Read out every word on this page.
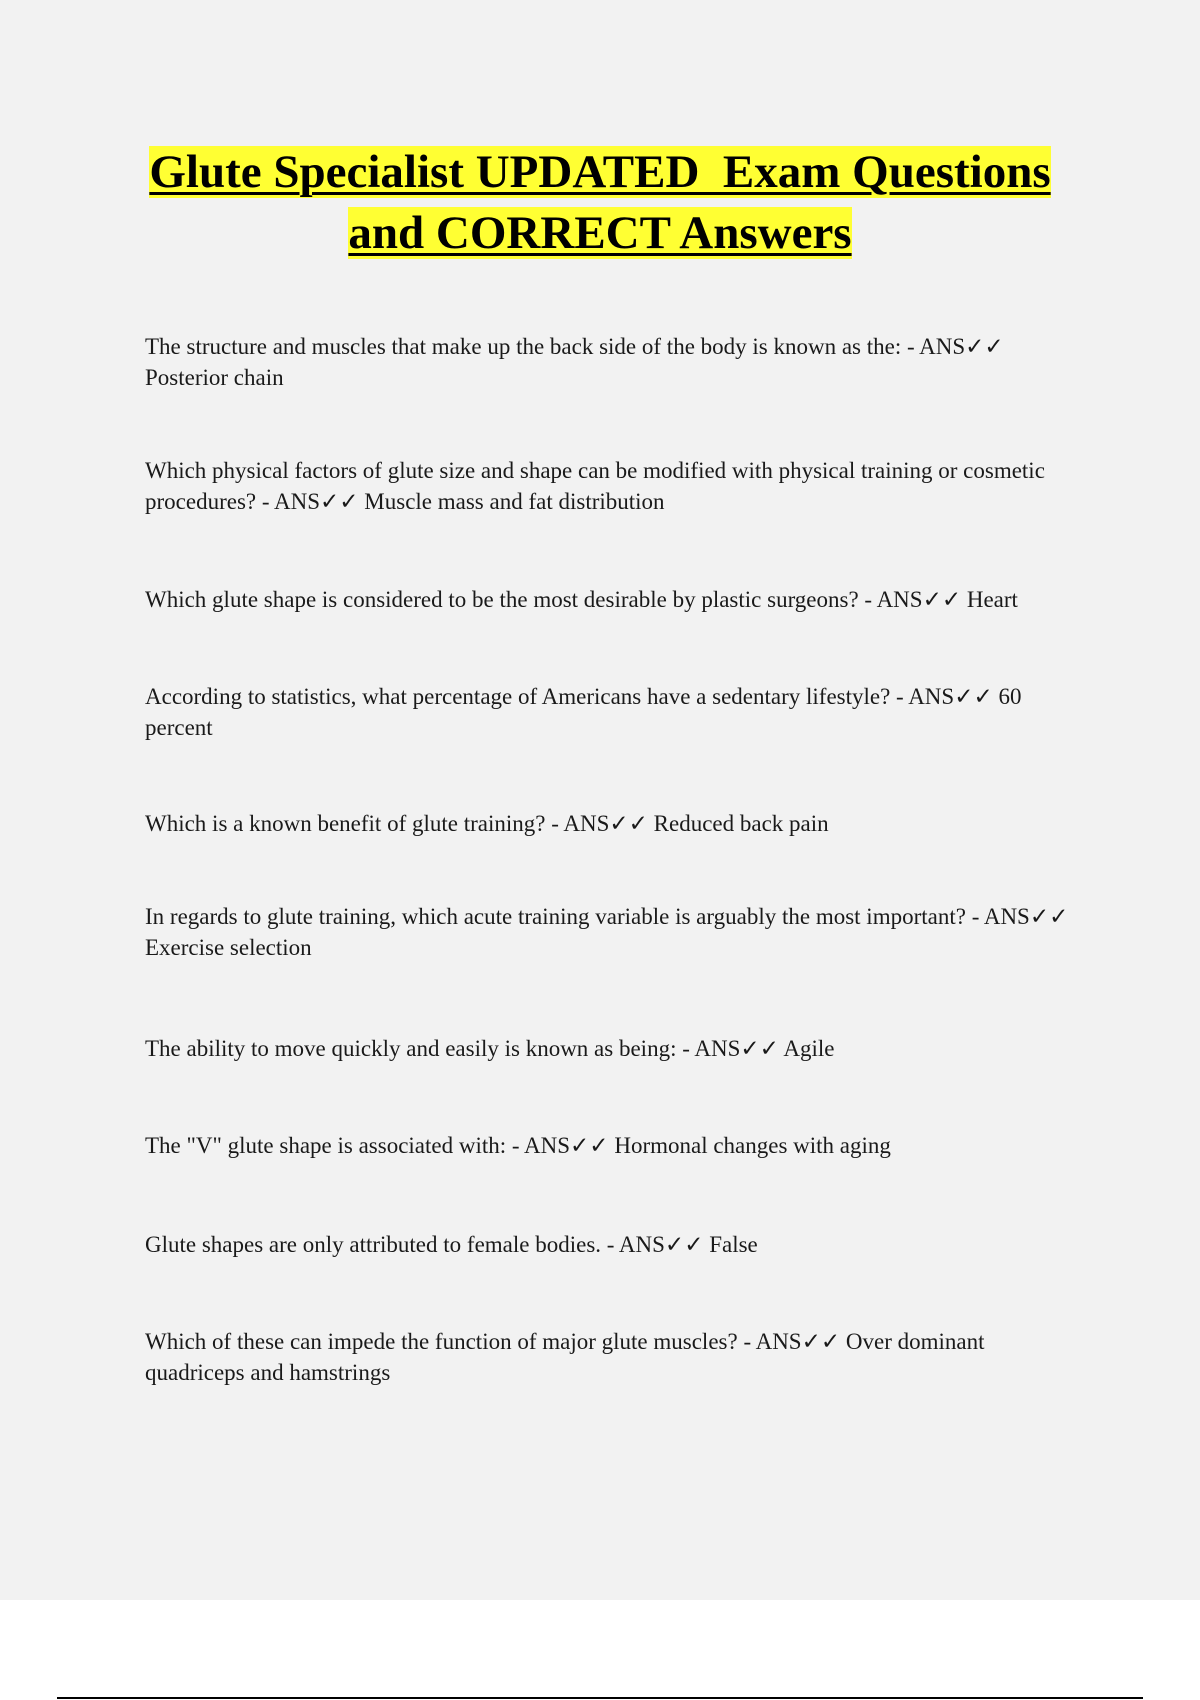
Glute Specialist UPDATED  Exam Questions
and CORRECT Answers

The structure and muscles that make up the back side of the body is known as the: - ANS✓✓ Posterior chain

Which physical factors of glute size and shape can be modified with physical training or cosmetic procedures? - ANS✓✓ Muscle mass and fat distribution

Which glute shape is considered to be the most desirable by plastic surgeons? - ANS✓✓ Heart

According to statistics, what percentage of Americans have a sedentary lifestyle? - ANS✓✓ 60 percent

Which is a known benefit of glute training? - ANS✓✓ Reduced back pain

In regards to glute training, which acute training variable is arguably the most important? - ANS✓✓ Exercise selection

The ability to move quickly and easily is known as being: - ANS✓✓ Agile

The "V" glute shape is associated with: - ANS✓✓ Hormonal changes with aging

Glute shapes are only attributed to female bodies. - ANS✓✓ False

Which of these can impede the function of major glute muscles? - ANS✓✓ Over dominant quadriceps and hamstrings
